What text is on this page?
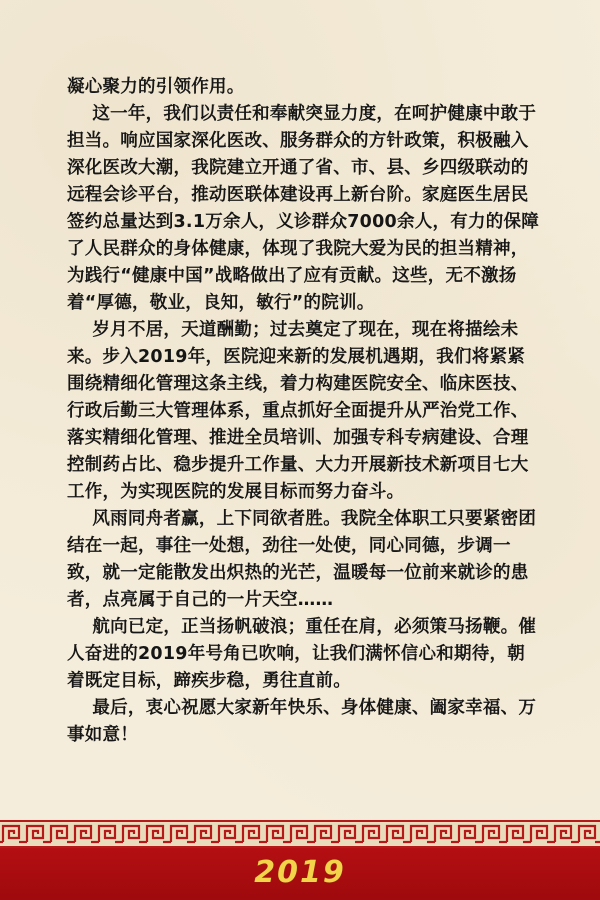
凝心聚力的引领作用。

这一年，我们以责任和奉献突显力度，在呵护健康中敢于担当。响应国家深化医改、服务群众的方针政策，积极融入深化医改大潮，我院建立开通了省、市、县、乡四级联动的远程会诊平台，推动医联体建设再上新台阶。家庭医生居民签约总量达到3.1万余人，义诊群众7000余人，有力的保障了人民群众的身体健康，体现了我院大爱为民的担当精神，为践行“健康中国”战略做出了应有贡献。这些，无不激扬着“厚德，敬业，良知，敏行”的院训。

岁月不居，天道酬勤；过去奠定了现在，现在将描绘未来。步入2019年，医院迎来新的发展机遇期，我们将紧紧围绕精细化管理这条主线，着力构建医院安全、临床医技、行政后勤三大管理体系，重点抓好全面提升从严治党工作、落实精细化管理、推进全员培训、加强专科专病建设、合理控制药占比、稳步提升工作量、大力开展新技术新项目七大工作，为实现医院的发展目标而努力奋斗。

风雨同舟者赢，上下同欲者胜。我院全体职工只要紧密团结在一起，事往一处想，劲往一处使，同心同德，步调一致，就一定能散发出炽热的光芒，温暖每一位前来就诊的患者，点亮属于自己的一片天空……

航向已定，正当扬帆破浪；重任在肩，必须策马扬鞭。催人奋进的2019年号角已吹响，让我们满怀信心和期待，朝着既定目标，蹄疾步稳，勇往直前。

最后，衷心祝愿大家新年快乐、身体健康、阖家幸福、万事如意！

2019
